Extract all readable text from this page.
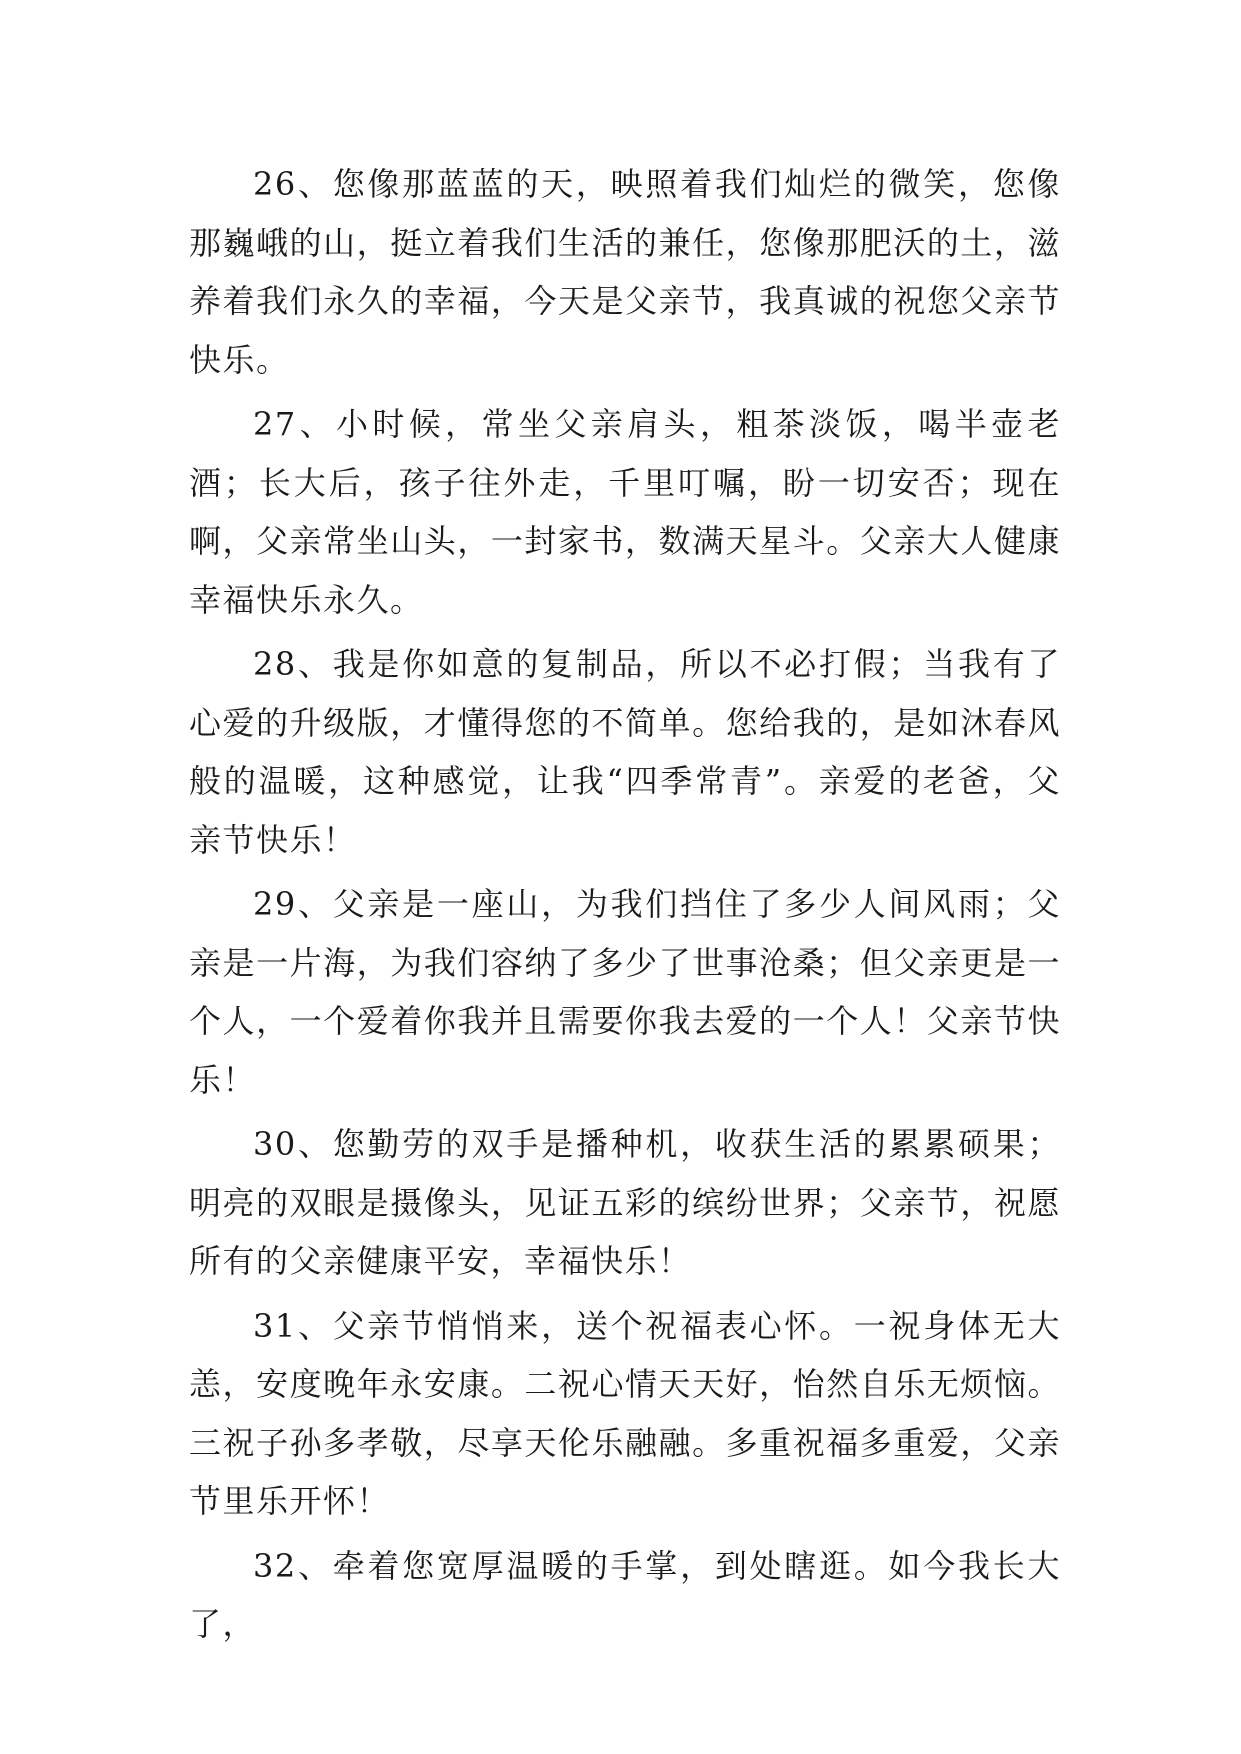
26、您像那蓝蓝的天，映照着我们灿烂的微笑，您像那巍峨的山，挺立着我们生活的兼任，您像那肥沃的土，滋养着我们永久的幸福，今天是父亲节，我真诚的祝您父亲节快乐。

27、小时候，常坐父亲肩头，粗茶淡饭，喝半壶老酒；长大后，孩子往外走，千里叮嘱，盼一切安否；现在啊，父亲常坐山头，一封家书，数满天星斗。父亲大人健康幸福快乐永久。

28、我是你如意的复制品，所以不必打假；当我有了心爱的升级版，才懂得您的不简单。您给我的，是如沐春风般的温暖，这种感觉，让我“四季常青”。亲爱的老爸，父亲节快乐！

29、父亲是一座山，为我们挡住了多少人间风雨；父亲是一片海，为我们容纳了多少了世事沧桑；但父亲更是一个人，一个爱着你我并且需要你我去爱的一个人！父亲节快乐！

30、您勤劳的双手是播种机，收获生活的累累硕果；明亮的双眼是摄像头，见证五彩的缤纷世界；父亲节，祝愿所有的父亲健康平安，幸福快乐！

31、父亲节悄悄来，送个祝福表心怀。一祝身体无大恙，安度晚年永安康。二祝心情天天好，怡然自乐无烦恼。三祝子孙多孝敬，尽享天伦乐融融。多重祝福多重爱，父亲节里乐开怀！

32、牵着您宽厚温暖的手掌，到处瞎逛。如今我长大了，
